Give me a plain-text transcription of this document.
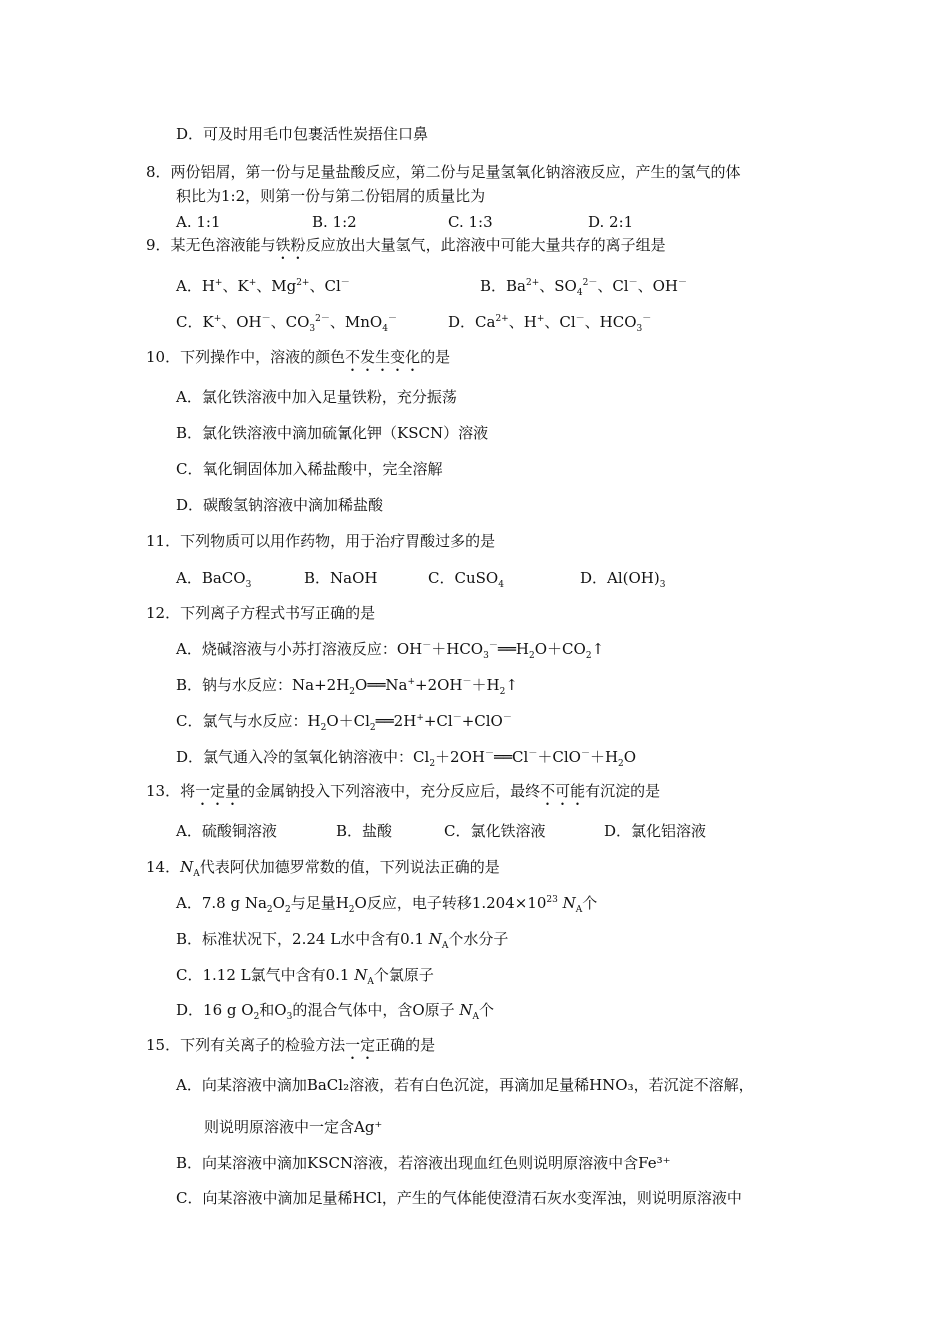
D．可及时用毛巾包裹活性炭捂住口鼻
8．两份铝屑，第一份与足量盐酸反应，第二份与足量氢氧化钠溶液反应，产生的氢气的体
积比为1:2，则第一份与第二份铝屑的质量比为
A. 1:1	B. 1:2	C. 1:3	D. 2:1
9．某无色溶液能与铁粉反应放出大量氢气，此溶液中可能大量共存的离子组是
A．H+、K+、$Mg^{2+}$、Cl－	B．$Ba^{2+}$、$SO_4^{2-}$、Cl－、OH－
C．K+、OH－、$CO_3^{2-}$、MnO$_4$－	D．$Ca^{2+}$、H+、Cl－、$HCO_3^-$
10．下列操作中，溶液的颜色不发生变化的是
A．氯化铁溶液中加入足量铁粉，充分振荡
B．氯化铁溶液中滴加硫氰化钾（KSCN）溶液
C．氧化铜固体加入稀盐酸中，完全溶解
D．碳酸氢钠溶液中滴加稀盐酸
11．下列物质可以用作药物，用于治疗胃酸过多的是
A．BaCO$_3$	B．NaOH	C．CuSO$_4$	D．$Al(OH)_3$
12．下列离子方程式书写正确的是
A．烧碱溶液与小苏打溶液反应：$OH^-+HCO_3^-══H_2O+CO_2↑$
B．钠与水反应：$Na+2H_2O══Na^++2OH^-+H_2↑$
C．氯气与水反应：$H_2O+Cl_2══2H^++Cl^-+ClO^-$
D．氯气通入冷的氢氧化钠溶液中：$Cl_2+2OH^-══Cl^-+ClO^-+H_2O$
13．将一定量的金属钠投入下列溶液中，充分反应后，最终不可能有沉淀的是
A．硫酸铜溶液	B．盐酸	C．氯化铁溶液	D．氯化铝溶液
14．$N_A$代表阿伏加德罗常数的值，下列说法正确的是
A．7.8 g $Na_2O_2$与足量$H_2O$反应，电子转移$1.204\times 10^{23}$ $N_A$个
B．标准状况下，2.24 L水中含有0.1 $N_A$个水分子
C．1.12 L氯气中含有0.1 $N_A$个氯原子
D．16 g $O_2$和$O_3$的混合气体中，含O原子 $N_A$个
15．下列有关离子的检验方法一定正确的是
A．向某溶液中滴加BaCl₂溶液，若有白色沉淀，再滴加足量稀HNO₃，若沉淀不溶解，
则说明原溶液中一定含Ag⁺
B．向某溶液中滴加KSCN溶液，若溶液出现血红色则说明原溶液中含Fe³⁺
C．向某溶液中滴加足量稀HCl，产生的气体能使澄清石灰水变浑浊，则说明原溶液中
